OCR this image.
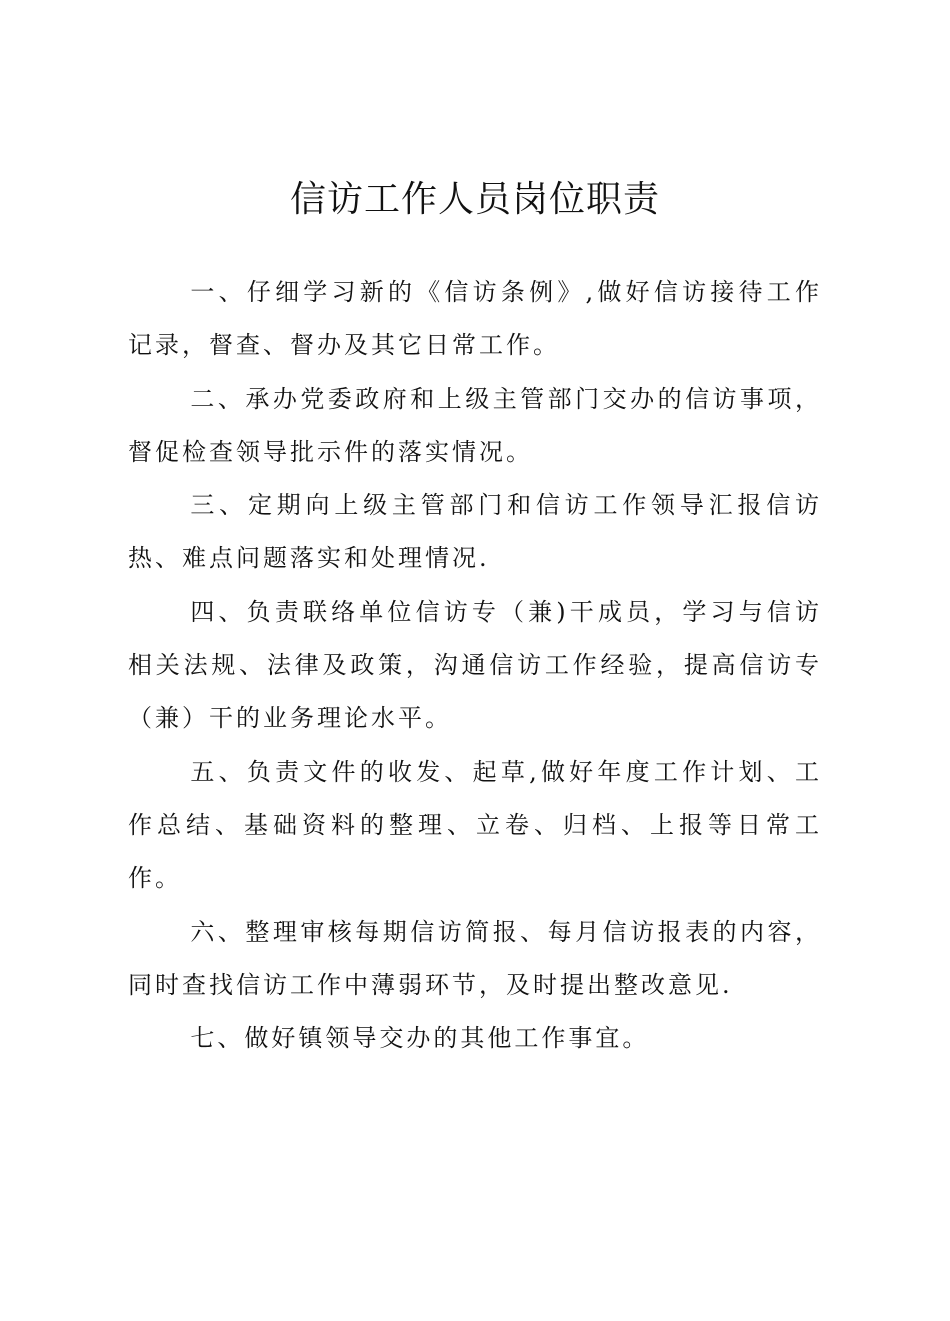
信访工作人员岗位职责

一、仔细学习新的《信访条例》,做好信访接待工作记录，督查、督办及其它日常工作。

二、承办党委政府和上级主管部门交办的信访事项，督促检查领导批示件的落实情况。

三、定期向上级主管部门和信访工作领导汇报信访热、难点问题落实和处理情况.

四、负责联络单位信访专（兼)干成员，学习与信访相关法规、法律及政策，沟通信访工作经验，提高信访专（兼）干的业务理论水平。

五、负责文件的收发、起草,做好年度工作计划、工作总结、基础资料的整理、立卷、归档、上报等日常工作。

六、整理审核每期信访简报、每月信访报表的内容，同时查找信访工作中薄弱环节，及时提出整改意见.

七、做好镇领导交办的其他工作事宜。
